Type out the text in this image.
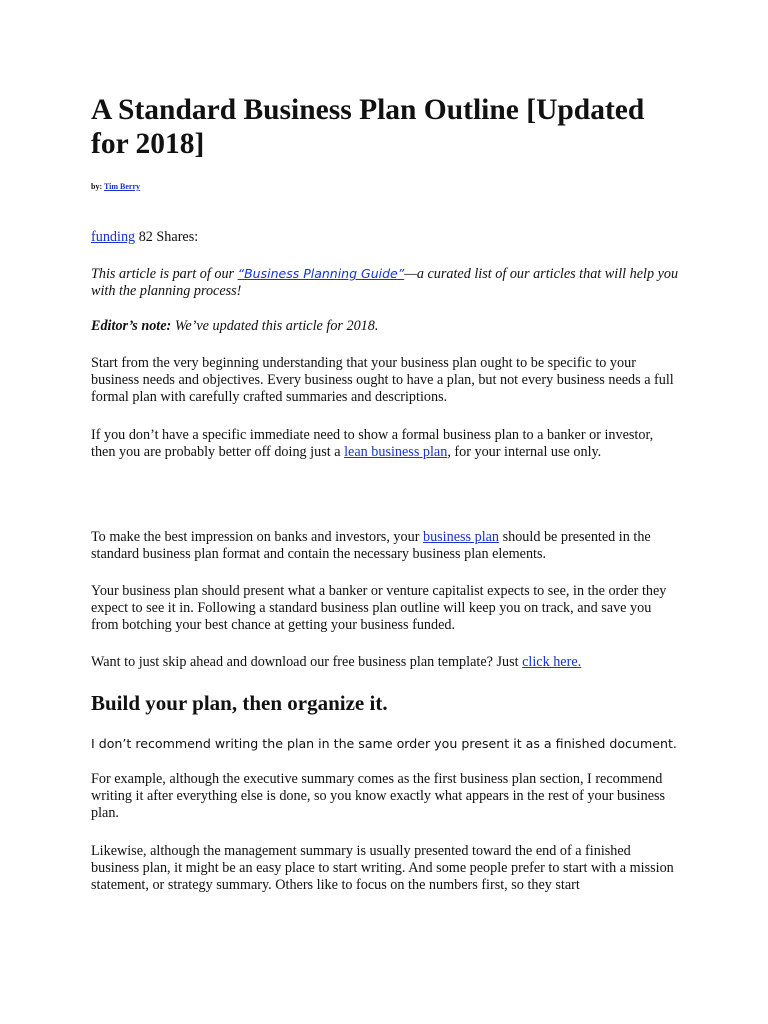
A Standard Business Plan Outline [Updated for 2018]

by: Tim Berry

funding 82 Shares:

This article is part of our “Business Planning Guide”—a curated list of our articles that will help you with the planning process!

Editor’s note: We’ve updated this article for 2018.

Start from the very beginning understanding that your business plan ought to be specific to your business needs and objectives. Every business ought to have a plan, but not every business needs a full formal plan with carefully crafted summaries and descriptions.

If you don’t have a specific immediate need to show a formal business plan to a banker or investor, then you are probably better off doing just a lean business plan, for your internal use only.

To make the best impression on banks and investors, your business plan should be presented in the standard business plan format and contain the necessary business plan elements.

Your business plan should present what a banker or venture capitalist expects to see, in the order they expect to see it in. Following a standard business plan outline will keep you on track, and save you from botching your best chance at getting your business funded.

Want to just skip ahead and download our free business plan template? Just click here.

Build your plan, then organize it.

I don’t recommend writing the plan in the same order you present it as a finished document.

For example, although the executive summary comes as the first business plan section, I recommend writing it after everything else is done, so you know exactly what appears in the rest of your business plan.

Likewise, although the management summary is usually presented toward the end of a finished business plan, it might be an easy place to start writing. And some people prefer to start with a mission statement, or strategy summary. Others like to focus on the numbers first, so they start
